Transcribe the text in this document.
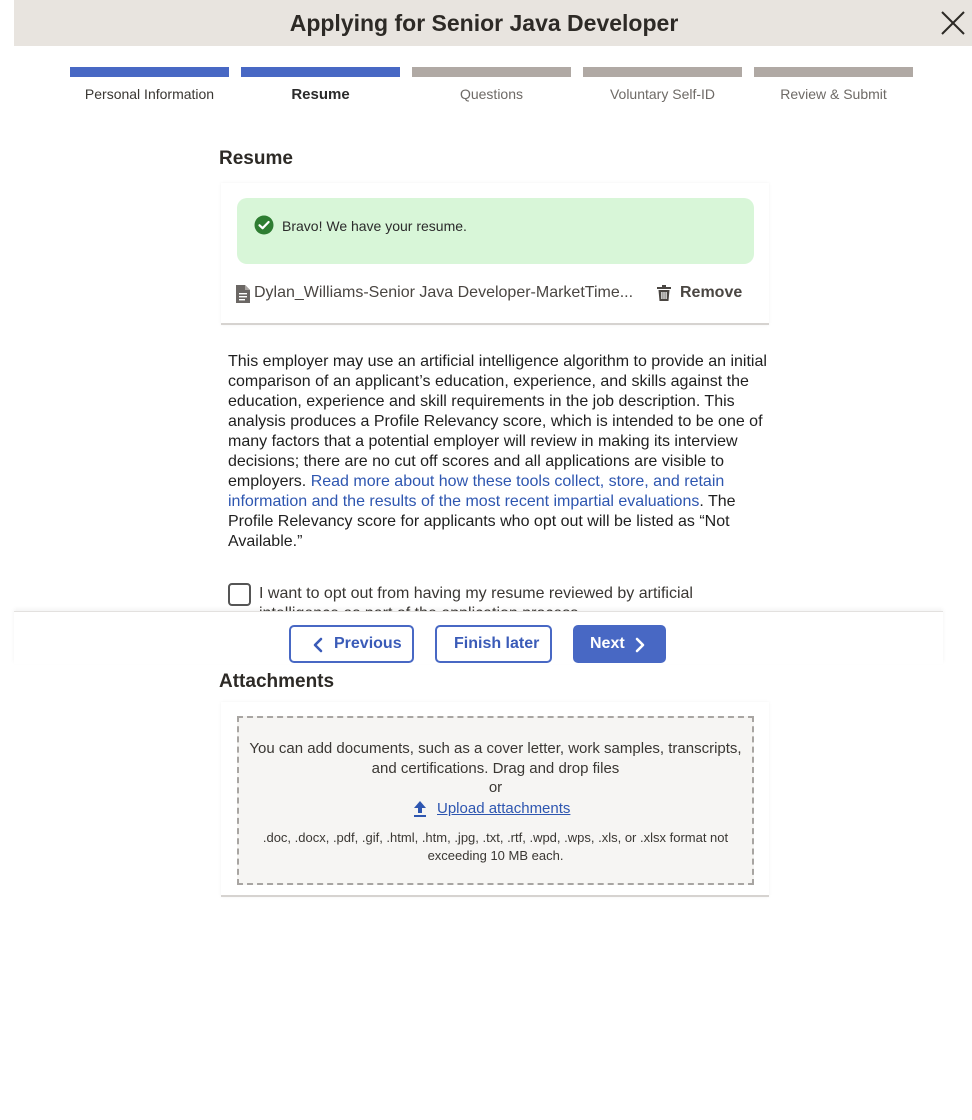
Applying for Senior Java Developer
Personal Information	Resume	Questions	Voluntary Self-ID	Review & Submit
Resume
Bravo! We have your resume.
Dylan_Williams-Senior Java Developer-MarketTime...	Remove
This employer may use an artificial intelligence algorithm to provide an initial comparison of an applicant’s education, experience, and skills against the education, experience and skill requirements in the job description. This analysis produces a Profile Relevancy score, which is intended to be one of many factors that a potential employer will review in making its interview decisions; there are no cut off scores and all applications are visible to employers. Read more about how these tools collect, store, and retain information and the results of the most recent impartial evaluations. The Profile Relevancy score for applicants who opt out will be listed as “Not Available.”
I want to opt out from having my resume reviewed by artificial
Previous	Finish later	Next
Attachments
You can add documents, such as a cover letter, work samples, transcripts, and certifications. Drag and drop files
or
Upload attachments
.doc, .docx, .pdf, .gif, .html, .htm, .jpg, .txt, .rtf, .wpd, .wps, .xls, or .xlsx format not exceeding 10 MB each.
